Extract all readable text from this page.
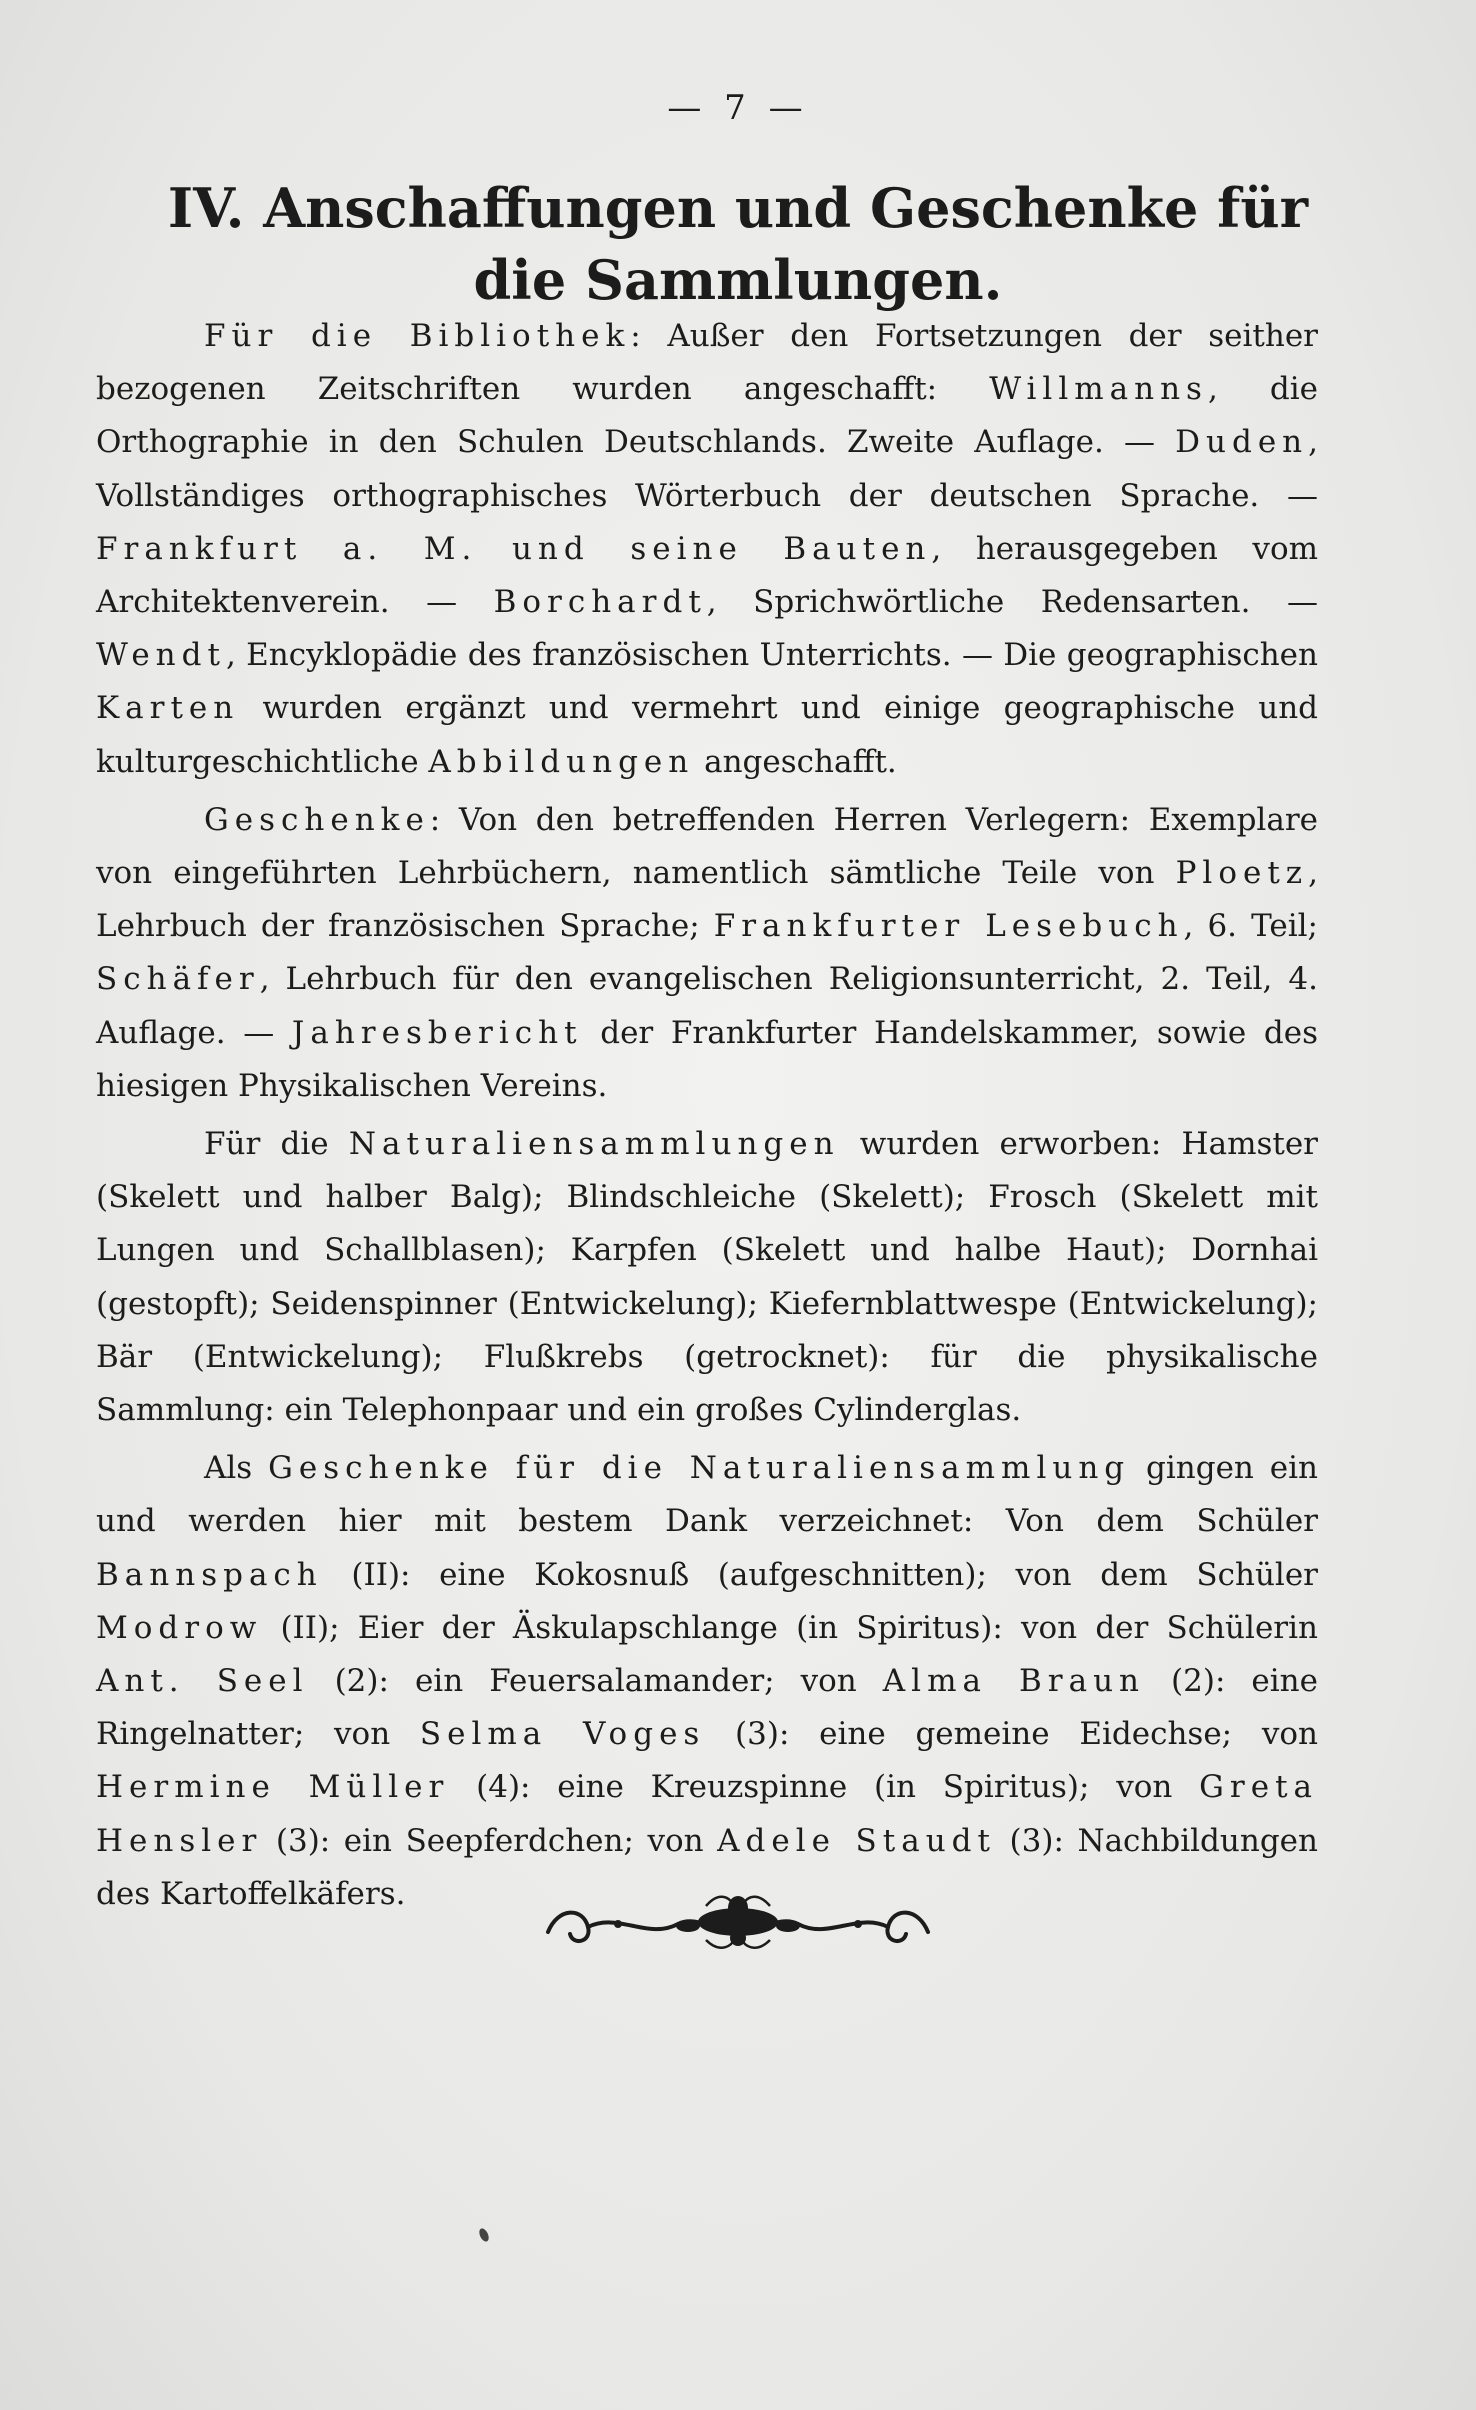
— 7 —
IV. Anschaffungen und Geschenke für die Sammlungen.

Für die Bibliothek: Außer den Fortsetzungen der seither bezogenen Zeitschriften wurden angeschafft: Willmanns, die Orthographie in den Schulen Deutschlands. Zweite Auflage. — Duden, Vollständiges orthographisches Wörterbuch der deutschen Sprache. — Frankfurt a. M. und seine Bauten, herausgegeben vom Architektenverein. — Borchardt, Sprichwörtliche Redensarten. — Wendt, Encyklopädie des französischen Unterrichts. — Die geographischen Karten wurden ergänzt und vermehrt und einige geographische und kulturgeschichtliche Abbildungen angeschafft.

Geschenke: Von den betreffenden Herren Verlegern: Exemplare von eingeführten Lehrbüchern, namentlich sämtliche Teile von Ploetz, Lehrbuch der französischen Sprache; Frankfurter Lesebuch, 6. Teil; Schäfer, Lehrbuch für den evangelischen Religionsunterricht, 2. Teil, 4. Auflage. — Jahresbericht der Frankfurter Handelskammer, sowie des hiesigen Physikalischen Vereins.

Für die Naturaliensammlungen wurden erworben: Hamster (Skelett und halber Balg); Blindschleiche (Skelett); Frosch (Skelett mit Lungen und Schallblasen); Karpfen (Skelett und halbe Haut); Dornhai (gestopft); Seidenspinner (Entwickelung); Kiefernblattwespe (Entwickelung); Bär (Entwickelung); Flußkrebs (getrocknet): für die physikalische Sammlung: ein Telephonpaar und ein großes Cylinderglas.

Als Geschenke für die Naturaliensammlung gingen ein und werden hier mit bestem Dank verzeichnet: Von dem Schüler Bannspach (II): eine Kokosnuß (aufgeschnitten); von dem Schüler Modrow (II); Eier der Äskulapschlange (in Spiritus): von der Schülerin Ant. Seel (2): ein Feuersalamander; von Alma Braun (2): eine Ringelnatter; von Selma Voges (3): eine gemeine Eidechse; von Hermine Müller (4): eine Kreuzspinne (in Spiritus); von Greta Hensler (3): ein Seepferdchen; von Adele Staudt (3): Nachbildungen des Kartoffelkäfers.
